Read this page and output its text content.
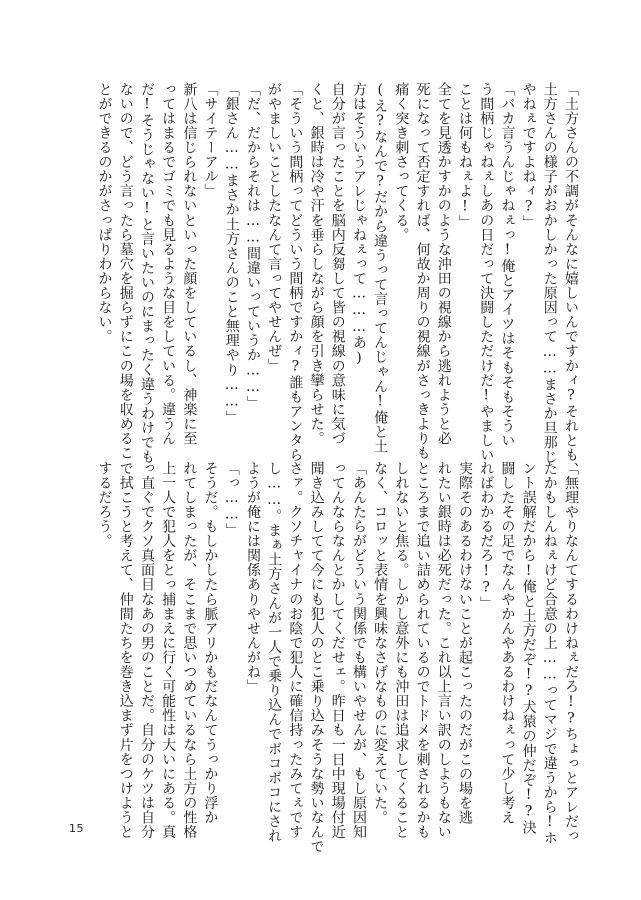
「土方さんの不調がそんなに嬉しいんですかィ?それとも、
土方さんの様子がおかしかった原因って……まさか旦那じ
やねぇですよねィ?」
「バカ言うんじゃねぇっ!俺とアイツはそもそもそうい
う間柄じゃねぇしあの日だって決闘しただけだ!やましい
ことは何もねぇよ!」
全てを見透かすかのような沖田の視線から逃れようと必
死になって否定すれば、何故か周りの視線がさっきよりも
痛く突き刺さってくる。
(え?なんで?だから違うって言ってんじゃん!俺と土
方はそういうアレじゃねぇって………あ)
自分が言ったことを脳内反芻して皆の視線の意味に気づ
くと、銀時は冷や汗を垂らしながら顔を引き攣らせた。
「そういう間柄ってどういう間柄ですかィ?誰もアンタら
がやましいことしたなんて言ってやせんぜ」
「だ、だからそれは……間違いっていうか……」
「銀さん……まさか土方さんのこと無理やり……」
「サイテーアル」
新八は信じられないといった顔をしているし、神楽に至
ってはまるでゴミでも見るような目をしている。違うん
だ!そうじゃない!と言いたいのにまったく違うわけでも
ないので、どう言ったら墓穴を掘らずにこの場を収めるこ
とができるのかがさっぱりわからない。
「無理やりなんてするわけねぇだろ!?ちょっとアレだっ
たかもしんねぇけど合意の上……ってマジで違うから!ホ
ント誤解だから!俺と土方だぞ!?犬猿の仲だぞ!?決
闘したその足でなんやかんやあるわけねぇって少し考え
ればわかるだろ!?」
実際そのあるわけないことが起こったのだがこの場を逃
れたい銀時は必死だった。これ以上言い訳のしようもない
ところまで追い詰められているのでトドメを刺されるかも
しれないと焦る。しかし意外にも沖田は追求してくること
なく、コロッと表情を興味なさげなものに変えていた。
「あんたらがどういう関係でも構いやせんが、もし原因知
ってんならなんとかしてくだせェ。昨日も一日中現場付近
聞き込みしてて今にも犯人のとこ乗り込みそうな勢いなんで
さァ。クソチャイナのお陰で犯人に確信持ったみてぇです
し……。まぁ土方さんが一人で乗り込んでボコボコにされ
ようが俺には関係ありやせんがね」
「っ……」
そうだ。もしかしたら脈アリかもだなんてうっかり浮か
れてしまったが、そこまで思いつめているなら土方の性格
上一人で犯人をとっ捕まえに行く可能性は大いにある。真
っ直ぐでクソ真面目なあの男のことだ。自分のケツは自分
で拭こうと考えて、仲間たちを巻き込まず片をつけようと
するだろう。
15
